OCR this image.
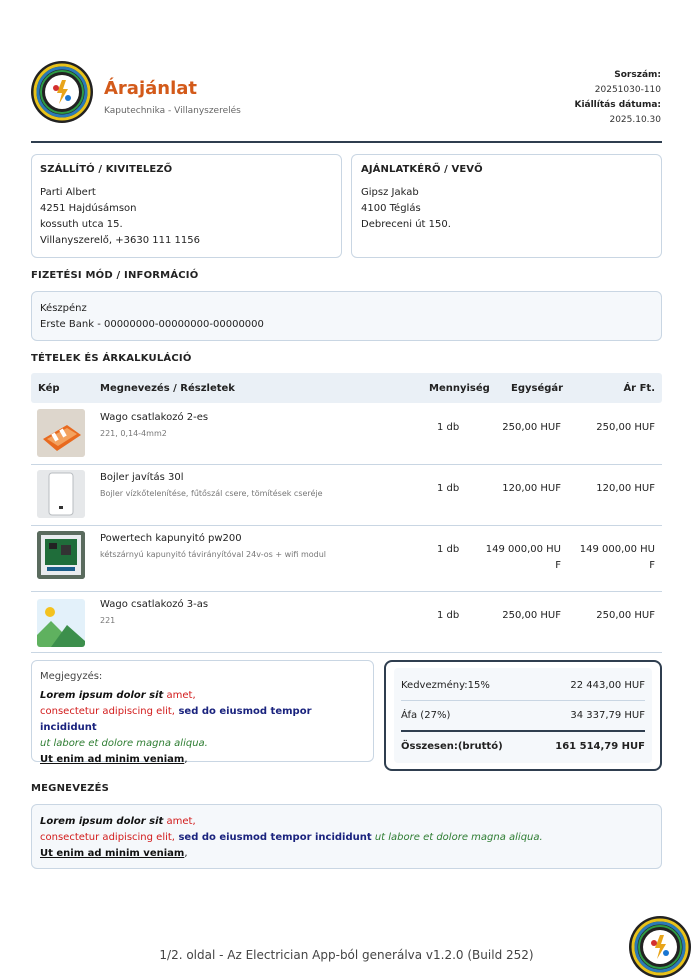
Árajánlat
Kaputechnika - Villanyszerelés
Sorszám:
20251030-110
Kiállítás dátuma:
2025.10.30
SZÁLLÍTÓ / KIVITELEZŐ
Parti Albert
4251 Hajdúsámson
kossuth utca 15.
Villanyszerelő, +3630 111 1156
AJÁNLATKÉRŐ / VEVŐ
Gipsz Jakab
4100 Téglás
Debreceni út 150.
FIZETÉSI MÓD / INFORMÁCIÓ
Készpénz
Erste Bank - 00000000-00000000-00000000
TÉTELEK ÉS ÁRKALKULÁCIÓ
Kép	Megnevezés / Részletek	Mennyiség Egységár	Ár Ft.
Wago csatlakozó 2-es
221, 0,14-4mm2
1 db	250,00 HUF	250,00 HUF
Bojler javítás 30l
Bojler vízkőtelenítése, fűtőszál csere, tömítések cseréje	1 db	120,00 HUF	120,00 HUF
Powertech kapunyitó pw200
kétszárnyú kapunyitó távirányítóval 24v-os + wifi modul	1 db	149 000,00 HU
F
149 000,00 HU
F
Wago csatlakozó 3-as
221	1 db	250,00 HUF	250,00 HUF
Megjegyzés:
Lorem ipsum dolor sit amet,
consectetur adipiscing elit, sed do eiusmod tempor incididunt
ut labore et dolore magna aliqua.
Ut enim ad minim veniam,
Kedvezmény:15%	22 443,00 HUF
Áfa (27%)	34 337,79 HUF
Összesen:(bruttó)	161 514,79 HUF
MEGNEVEZÉS
Lorem ipsum dolor sit amet,
consectetur adipiscing elit, sed do eiusmod tempor incididunt ut labore et dolore magna aliqua.
Ut enim ad minim veniam,
1/2. oldal - Az Electrician App-ból generálva v1.2.0 (Build 252)
